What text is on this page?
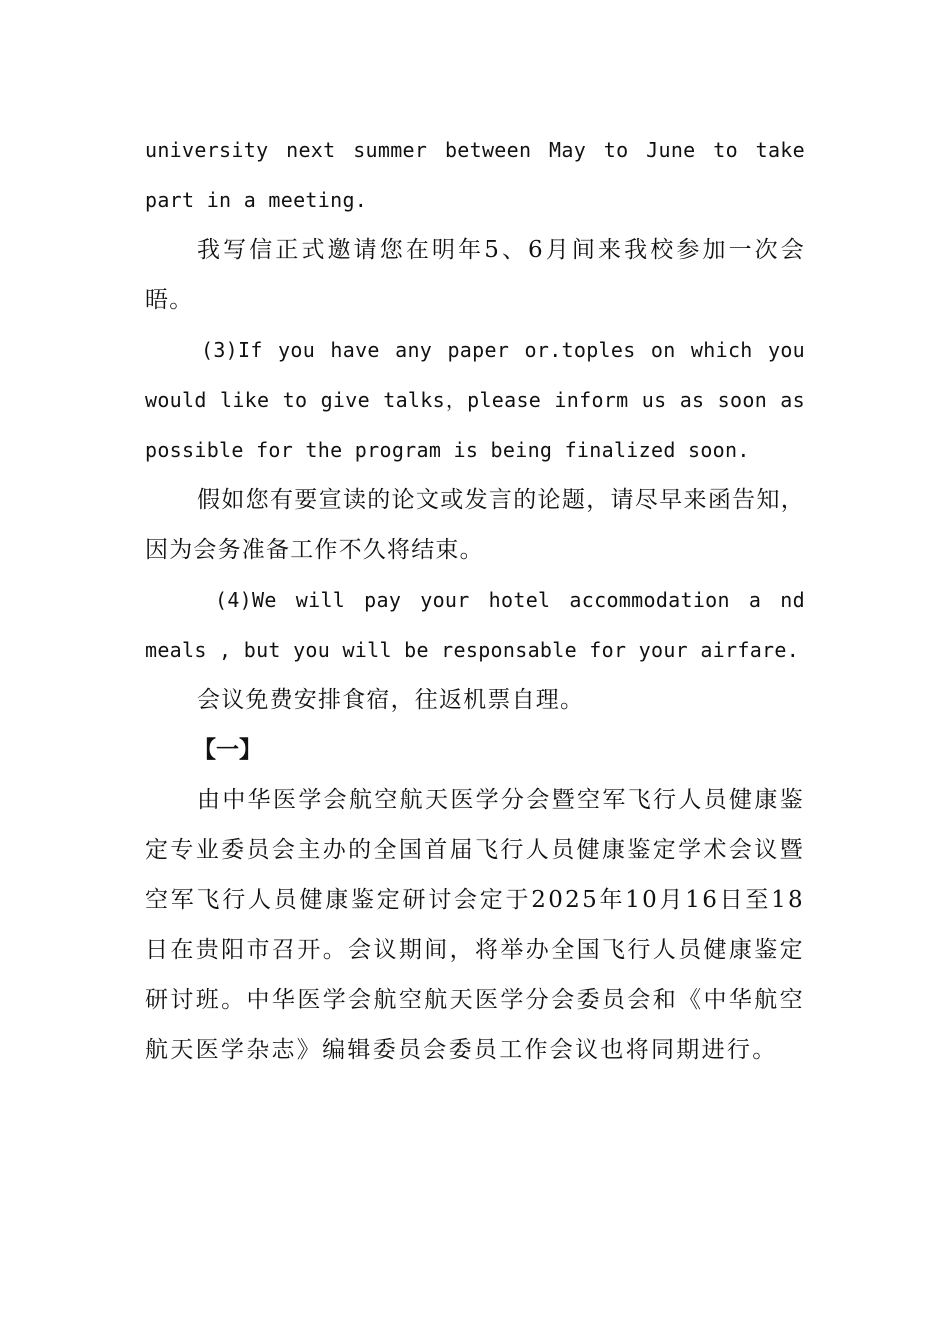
university next summer between May to June to take part in a meeting.

我写信正式邀请您在明年5、6月间来我校参加一次会晤。

(3)If you have any paper or.toples on which you would like to give talks，please inform us as soon as possible for the program is being finalized soon.

假如您有要宣读的论文或发言的论题，请尽早来函告知，因为会务准备工作不久将结束。

(4)We will pay your hotel accommodation a nd meals , but you will be responsable for your airfare.

会议免费安排食宿，往返机票自理。

【一】

由中华医学会航空航天医学分会暨空军飞行人员健康鉴定专业委员会主办的全国首届飞行人员健康鉴定学术会议暨空军飞行人员健康鉴定研讨会定于2025年10月16日至18日在贵阳市召开。会议期间，将举办全国飞行人员健康鉴定研讨班。中华医学会航空航天医学分会委员会和《中华航空航天医学杂志》编辑委员会委员工作会议也将同期进行。
